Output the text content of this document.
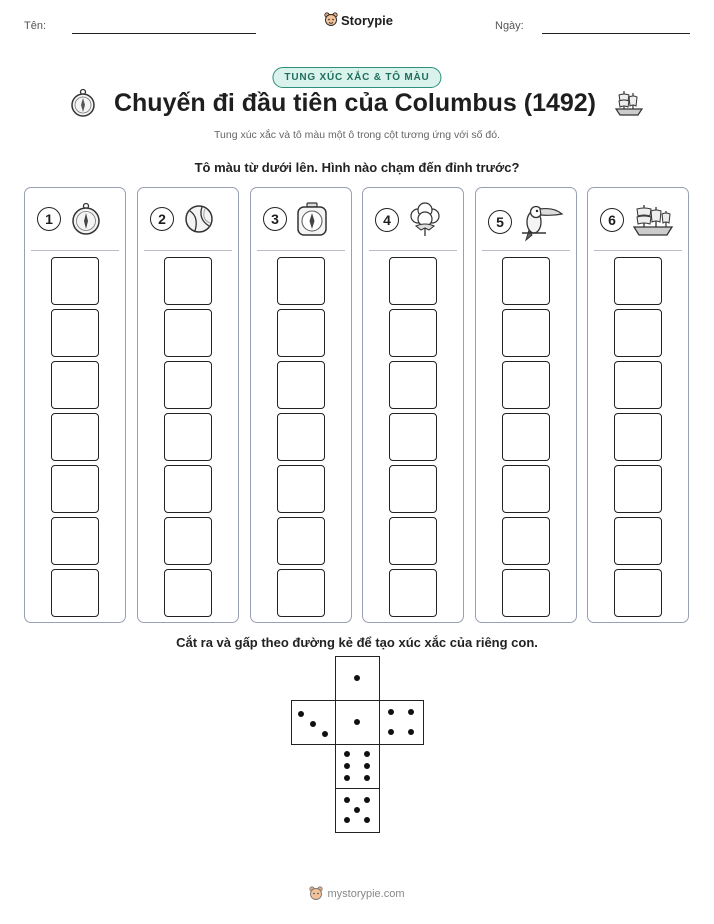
Tên:	Storypie	Ngày:
TUNG XÚC XẮC & TÔ MÀU
Chuyến đi đầu tiên của Columbus (1492)
Tung xúc xắc và tô màu một ô trong cột tương ứng với số đó.
Tô màu từ dưới lên. Hình nào chạm đến đỉnh trước?
1	2	3	4	5	6
Cắt ra và gấp theo đường kẻ để tạo xúc xắc của riêng con.
mystorypie.com
